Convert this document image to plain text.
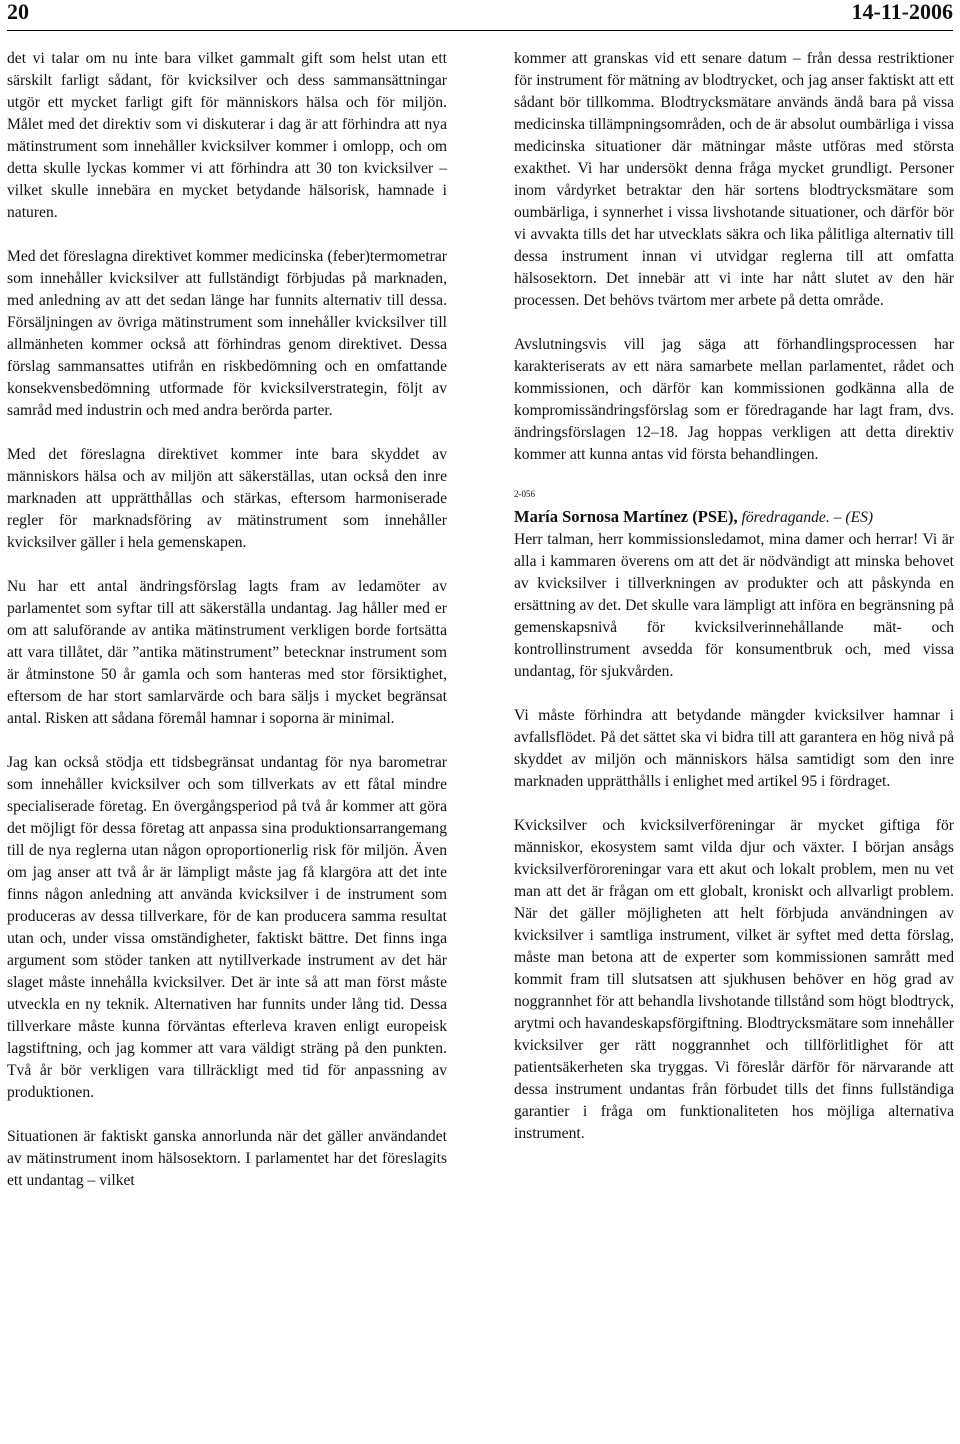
20	14-11-2006

det vi talar om nu inte bara vilket gammalt gift som helst utan ett särskilt farligt sådant, för kvicksilver och dess sammansättningar utgör ett mycket farligt gift för människors hälsa och för miljön. Målet med det direktiv som vi diskuterar i dag är att förhindra att nya mätinstrument som innehåller kvicksilver kommer i omlopp, och om detta skulle lyckas kommer vi att förhindra att 30 ton kvicksilver – vilket skulle innebära en mycket betydande hälsorisk, hamnade i naturen.

Med det föreslagna direktivet kommer medicinska (feber)termometrar som innehåller kvicksilver att fullständigt förbjudas på marknaden, med anledning av att det sedan länge har funnits alternativ till dessa. Försäljningen av övriga mätinstrument som innehåller kvicksilver till allmänheten kommer också att förhindras genom direktivet. Dessa förslag sammansattes utifrån en riskbedömning och en omfattande konsekvensbedömning utformade för kvicksilverstrategin, följt av samråd med industrin och med andra berörda parter.

Med det föreslagna direktivet kommer inte bara skyddet av människors hälsa och av miljön att säkerställas, utan också den inre marknaden att upprätthållas och stärkas, eftersom harmoniserade regler för marknadsföring av mätinstrument som innehåller kvicksilver gäller i hela gemenskapen.

Nu har ett antal ändringsförslag lagts fram av ledamöter av parlamentet som syftar till att säkerställa undantag. Jag håller med er om att saluförande av antika mätinstrument verkligen borde fortsätta att vara tillåtet, där ”antika mätinstrument” betecknar instrument som är åtminstone 50 år gamla och som hanteras med stor försiktighet, eftersom de har stort samlarvärde och bara säljs i mycket begränsat antal. Risken att sådana föremål hamnar i soporna är minimal.

Jag kan också stödja ett tidsbegränsat undantag för nya barometrar som innehåller kvicksilver och som tillverkats av ett fåtal mindre specialiserade företag. En övergångsperiod på två år kommer att göra det möjligt för dessa företag att anpassa sina produktionsarrangemang till de nya reglerna utan någon oproportionerlig risk för miljön. Även om jag anser att två år är lämpligt måste jag få klargöra att det inte finns någon anledning att använda kvicksilver i de instrument som produceras av dessa tillverkare, för de kan producera samma resultat utan och, under vissa omständigheter, faktiskt bättre. Det finns inga argument som stöder tanken att nytillverkade instrument av det här slaget måste innehålla kvicksilver. Det är inte så att man först måste utveckla en ny teknik. Alternativen har funnits under lång tid. Dessa tillverkare måste kunna förväntas efterleva kraven enligt europeisk lagstiftning, och jag kommer att vara väldigt sträng på den punkten. Två år bör verkligen vara tillräckligt med tid för anpassning av produktionen.

Situationen är faktiskt ganska annorlunda när det gäller användandet av mätinstrument inom hälsosektorn. I parlamentet har det föreslagits ett undantag – vilket

kommer att granskas vid ett senare datum – från dessa restriktioner för instrument för mätning av blodtrycket, och jag anser faktiskt att ett sådant bör tillkomma. Blodtrycksmätare används ändå bara på vissa medicinska tillämpningsområden, och de är absolut oumbärliga i vissa medicinska situationer där mätningar måste utföras med största exakthet. Vi har undersökt denna fråga mycket grundligt. Personer inom vårdyrket betraktar den här sortens blodtrycksmätare som oumbärliga, i synnerhet i vissa livshotande situationer, och därför bör vi avvakta tills det har utvecklats säkra och lika pålitliga alternativ till dessa instrument innan vi utvidgar reglerna till att omfatta hälsosektorn. Det innebär att vi inte har nått slutet av den här processen. Det behövs tvärtom mer arbete på detta område.

Avslutningsvis vill jag säga att förhandlingsprocessen har karakteriserats av ett nära samarbete mellan parlamentet, rådet och kommissionen, och därför kan kommissionen godkänna alla de kompromissändringsförslag som er föredragande har lagt fram, dvs. ändringsförslagen 12–18. Jag hoppas verkligen att detta direktiv kommer att kunna antas vid första behandlingen.

2-056

María Sornosa Martínez (PSE), föredragande. – (ES)

Herr talman, herr kommissionsledamot, mina damer och herrar! Vi är alla i kammaren överens om att det är nödvändigt att minska behovet av kvicksilver i tillverkningen av produkter och att påskynda en ersättning av det. Det skulle vara lämpligt att införa en begränsning på gemenskapsnivå för kvicksilverinnehållande mät- och kontrollinstrument avsedda för konsumentbruk och, med vissa undantag, för sjukvården.

Vi måste förhindra att betydande mängder kvicksilver hamnar i avfallsflödet. På det sättet ska vi bidra till att garantera en hög nivå på skyddet av miljön och människors hälsa samtidigt som den inre marknaden upprätthålls i enlighet med artikel 95 i fördraget.

Kvicksilver och kvicksilverföreningar är mycket giftiga för människor, ekosystem samt vilda djur och växter. I början ansågs kvicksilverföroreningar vara ett akut och lokalt problem, men nu vet man att det är frågan om ett globalt, kroniskt och allvarligt problem. När det gäller möjligheten att helt förbjuda användningen av kvicksilver i samtliga instrument, vilket är syftet med detta förslag, måste man betona att de experter som kommissionen samrått med kommit fram till slutsatsen att sjukhusen behöver en hög grad av noggrannhet för att behandla livshotande tillstånd som högt blodtryck, arytmi och havandeskapsförgiftning. Blodtrycksmätare som innehåller kvicksilver ger rätt noggrannhet och tillförlitlighet för att patientsäkerheten ska tryggas. Vi föreslår därför för närvarande att dessa instrument undantas från förbudet tills det finns fullständiga garantier i fråga om funktionaliteten hos möjliga alternativa instrument.
